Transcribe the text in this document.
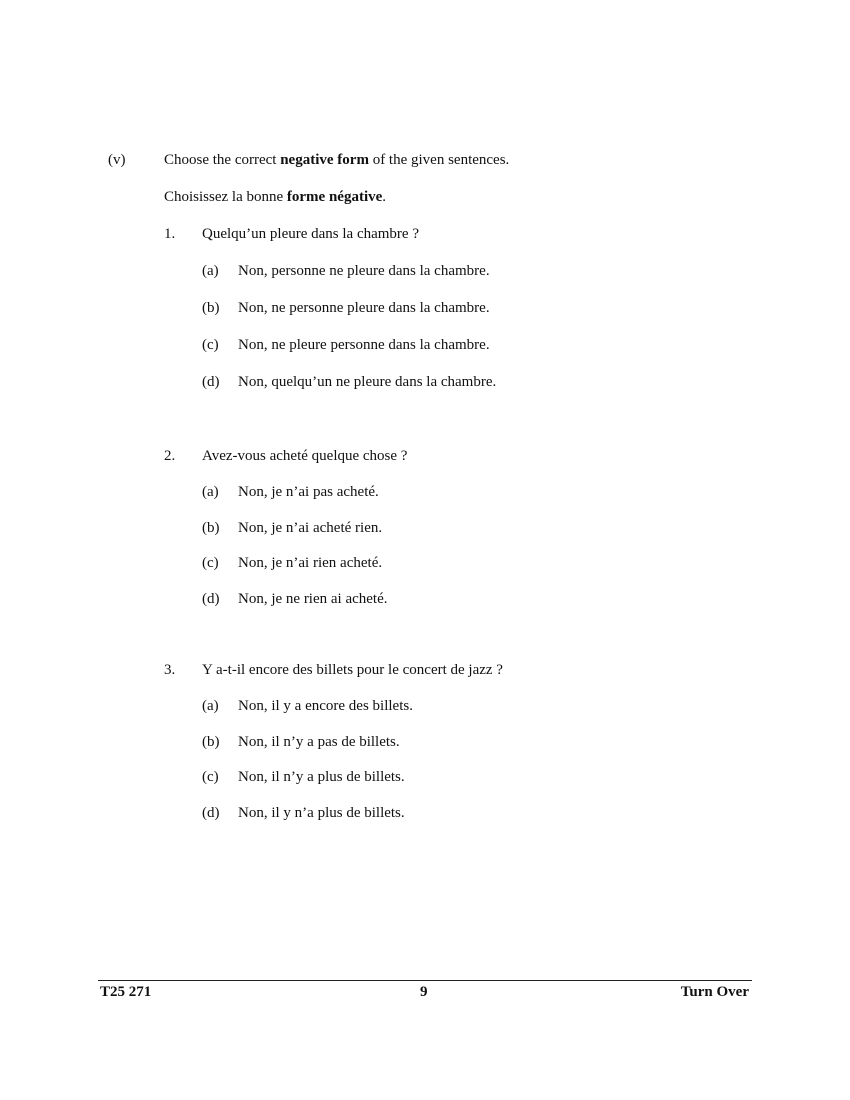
(v)	Choose the correct negative form of the given sentences.
Choisissez la bonne forme négative.
1. Quelqu’un pleure dans la chambre ?
(a) Non, personne ne pleure dans la chambre.
(b) Non, ne personne pleure dans la chambre.
(c) Non, ne pleure personne dans la chambre.
(d) Non, quelqu’un ne pleure dans la chambre.
2. Avez-vous acheté quelque chose ?
(a) Non, je n’ai pas acheté.
(b) Non, je n’ai acheté rien.
(c) Non, je n’ai rien acheté.
(d) Non, je ne rien ai acheté.
3. Y a-t-il encore des billets pour le concert de jazz ?
(a) Non, il y a encore des billets.
(b) Non, il n’y a pas de billets.
(c) Non, il n’y a plus de billets.
(d) Non, il y n’a plus de billets.
T25 271	9	Turn Over
